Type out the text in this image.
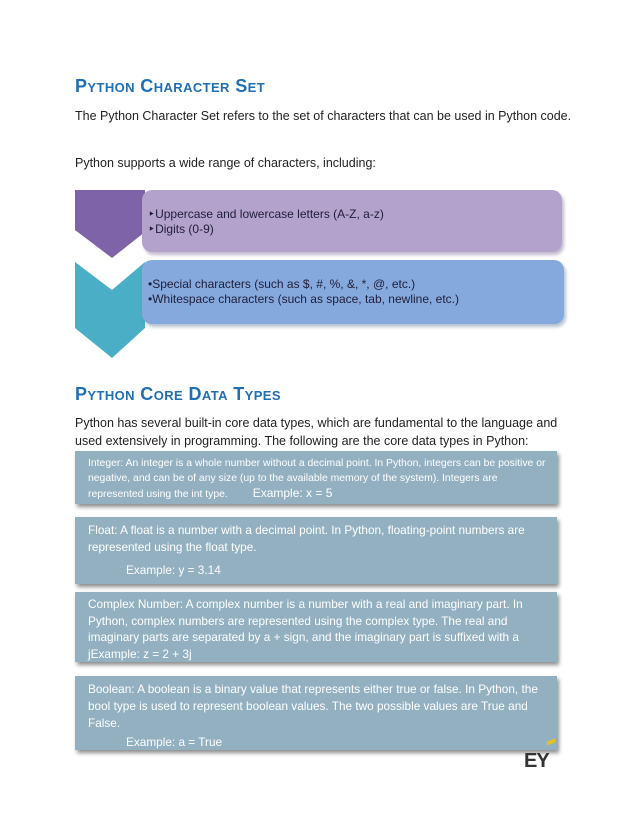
Python Character Set

The Python Character Set refers to the set of characters that can be used in Python code.

Python supports a wide range of characters, including:

‣Uppercase and lowercase letters (A-Z, a-z)
‣Digits (0-9)
•Special characters (such as $, #, %, &, *, @, etc.)
•Whitespace characters (such as space, tab, newline, etc.)
Python Core Data Types

Python has several built-in core data types, which are fundamental to the language and used extensively in programming. The following are the core data types in Python:

Integer: An integer is a whole number without a decimal point. In Python, integers can be positive or negative, and can be of any size (up to the available memory of the system). Integers are represented using the int type. Example: x = 5

Float: A float is a number with a decimal point. In Python, floating-point numbers are represented using the float type.

Example: y = 3.14

Complex Number: A complex number is a number with a real and imaginary part. In Python, complex numbers are represented using the complex type. The real and imaginary parts are separated by a + sign, and the imaginary part is suffixed with a jExample: z = 2 + 3j

Boolean: A boolean is a binary value that represents either true or false. In Python, the bool type is used to represent boolean values. The two possible values are True and False.

Example: a = True

EY
